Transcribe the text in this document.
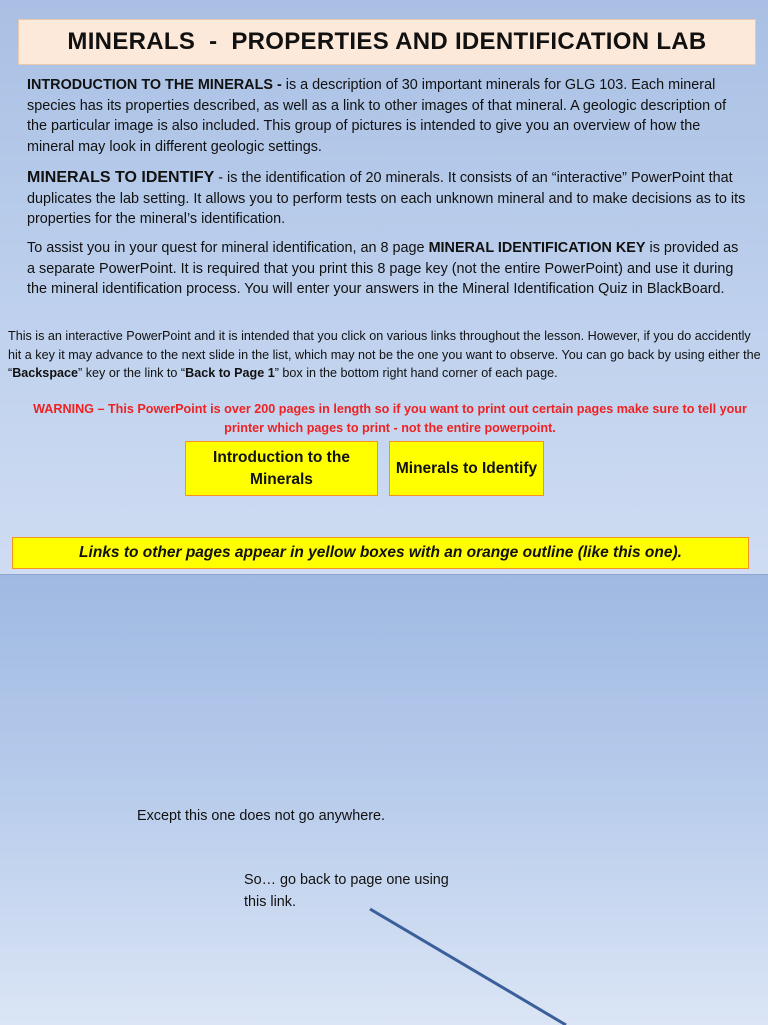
MINERALS  -  PROPERTIES AND IDENTIFICATION LAB
INTRODUCTION TO THE MINERALS - is a description of 30 important minerals for GLG 103. Each mineral species has its properties described, as well as a link to other images of that mineral. A geologic description of the particular image is also included. This group of pictures is intended to give you an overview of how the mineral may look in different geologic settings.
MINERALS TO IDENTIFY - is the identification of 20 minerals. It consists of an “interactive” PowerPoint that duplicates the lab setting. It allows you to perform tests on each unknown mineral and to make decisions as to its properties for the mineral’s identification.
To assist you in your quest for mineral identification, an 8 page MINERAL IDENTIFICATION KEY is provided as a separate PowerPoint. It is required that you print this 8 page key (not the entire PowerPoint) and use it during the mineral identification process. You will enter your answers in the Mineral Identification Quiz in BlackBoard.
This is an interactive PowerPoint and it is intended that you click on various links throughout the lesson. However, if you do accidently hit a key it may advance to the next slide in the list, which may not be the one you want to observe. You can go back by using either the “Backspace” key or the link to “Back to Page 1” box in the bottom right hand corner of each page.
WARNING – This PowerPoint is over 200 pages in length so if you want to print out certain pages make sure to tell your printer which pages to print - not the entire powerpoint.
Introduction to the Minerals
Minerals to Identify
Links to other pages appear in yellow boxes with an orange outline (like this one).
Except this one does not go anywhere.
So… go back to page one using this link.
